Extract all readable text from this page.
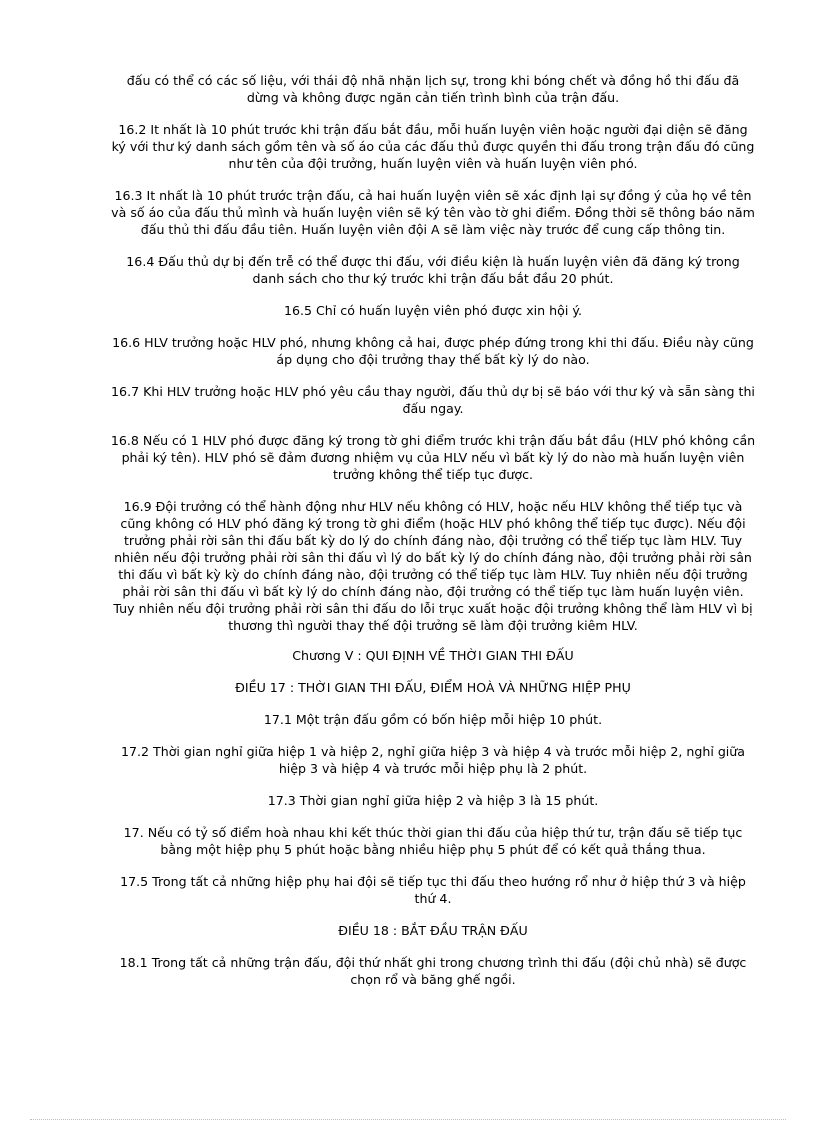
đấu có thể có các số liệu, với thái độ nhã nhặn lịch sự, trong khi bóng chết và đồng hồ thi đấu đã dừng và không được ngăn cản tiến trình bình của trận đấu.

16.2 It nhất là 10 phút trước khi trận đấu bắt đầu, mỗi huấn luyện viên hoặc người đại diện sẽ đăng ký với thư ký danh sách gồm tên và số áo của các đấu thủ được quyền thi đấu trong trận đấu đó cũng như tên của đội trưởng, huấn luyện viên và huấn luyện viên phó.

16.3 It nhất là 10 phút trước trận đấu, cả hai huấn luyện viên sẽ xác định lại sự đồng ý của họ về tên và số áo của đấu thủ mình và huấn luyện viên sẽ ký tên vào tờ ghi điểm. Đồng thời sẽ thông báo năm đấu thủ thi đấu đầu tiên. Huấn luyện viên đội A sẽ làm việc này trước để cung cấp thông tin.

16.4 Đấu thủ dự bị đến trễ có thể được thi đấu, với điều kiện là huấn luyện viên đã đăng ký trong danh sách cho thư ký trước khi trận đấu bắt đầu 20 phút.

16.5 Chỉ có huấn luyện viên phó được xin hội ý.

16.6 HLV trưởng hoặc HLV phó, nhưng không cả hai, được phép đứng trong khi thi đấu. Điều này cũng áp dụng cho đội trưởng thay thế bất kỳ lý do nào.

16.7 Khi HLV trưởng hoặc HLV phó yêu cầu thay người, đấu thủ dự bị sẽ báo với thư ký và sẵn sàng thi đấu ngay.

16.8 Nếu có 1 HLV phó được đăng ký trong tờ ghi điểm trước khi trận đấu bắt đầu (HLV phó không cần phải ký tên). HLV phó sẽ đảm đương nhiệm vụ của HLV nếu vì bất kỳ lý do nào mà huấn luyện viên trưởng không thể tiếp tục được.

16.9 Đội trưởng có thể hành động như HLV nếu không có HLV, hoặc nếu HLV không thể tiếp tục và cũng không có HLV phó đăng ký trong tờ ghi điểm (hoặc HLV phó không thể tiếp tục được). Nếu đội trưởng phải rời sân thi đấu bất kỳ do lý do chính đáng nào, đội trưởng có thể tiếp tục làm HLV. Tuy nhiên nếu đội trưởng phải rời sân thi đấu vì lý do bất kỳ lý do chính đáng nào, đội trưởng phải rời sân thi đấu vì bất kỳ kỳ do chính đáng nào, đội trưởng có thể tiếp tục làm HLV. Tuy nhiên nếu đội trưởng phải rời sân thi đấu vì bất kỳ lý do chính đáng nào, đội trưởng có thể tiếp tục làm huấn luyện viên. Tuy nhiên nếu đội trưởng phải rời sân thi đấu do lỗi trục xuất hoặc đội trưởng không thể làm HLV vì bị thương thì người thay thế đội trưởng sẽ làm đội trưởng kiêm HLV.

Chương V : QUI ĐỊNH VỀ THỜI GIAN THI ĐẤU

ĐIỀU 17 : THỜI GIAN THI ĐẤU, ĐIỂM HOÀ VÀ NHỮNG HIỆP PHỤ

17.1 Một trận đấu gồm có bốn hiệp mỗi hiệp 10 phút.

17.2 Thời gian nghỉ giữa hiệp 1 và hiệp 2, nghỉ giữa hiệp 3 và hiệp 4 và trước mỗi hiệp 2, nghỉ giữa hiệp 3 và hiệp 4 và trước mỗi hiệp phụ là 2 phút.

17.3 Thời gian nghỉ giữa hiệp 2 và hiệp 3 là 15 phút.

17. Nếu có tỷ số điểm hoà nhau khi kết thúc thời gian thi đấu của hiệp thứ tư, trận đấu sẽ tiếp tục bằng một hiệp phụ 5 phút hoặc bằng nhiều hiệp phụ 5 phút để có kết quả thắng thua.

17.5 Trong tất cả những hiệp phụ hai đội sẽ tiếp tục thi đấu theo hướng rổ như ở hiệp thứ 3 và hiệp thứ 4.

ĐIỀU 18 : BẮT ĐẦU TRẬN ĐẤU

18.1 Trong tất cả những trận đấu, đội thứ nhất ghi trong chương trình thi đấu (đội chủ nhà) sẽ được chọn rổ và băng ghế ngồi.
